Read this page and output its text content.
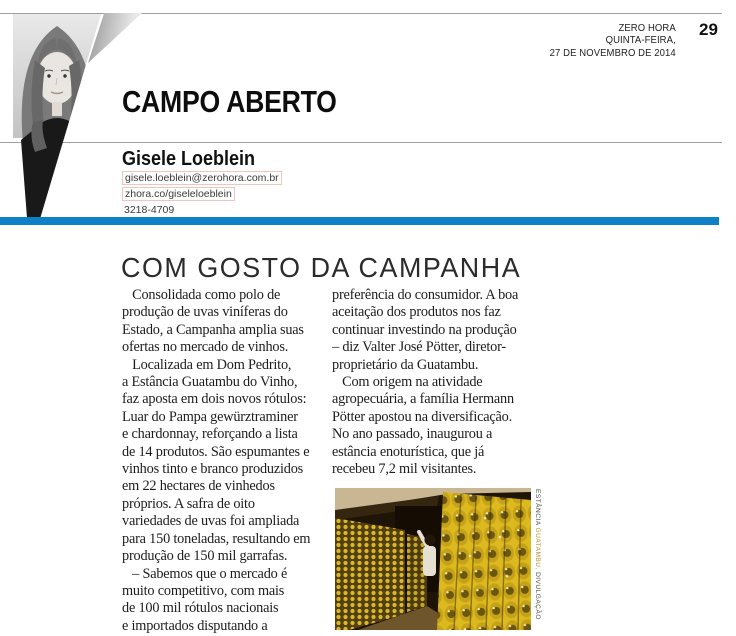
ZERO HORA
QUINTA-FEIRA,
27 DE NOVEMBRO DE 2014
29
CAMPO ABERTO
Gisele Loeblein
gisele.loeblein@zerohora.com.br
zhora.co/giseleloeblein
3218-4709
COM GOSTO DA CAMPANHA
Consolidada como polo de
produção de uvas viníferas do
Estado, a Campanha amplia suas
ofertas no mercado de vinhos.
Localizada em Dom Pedrito,
a Estância Guatambu do Vinho,
faz aposta em dois novos rótulos:
Luar do Pampa gewürztraminer
e chardonnay, reforçando a lista
de 14 produtos. São espumantes e
vinhos tinto e branco produzidos
em 22 hectares de vinhedos
próprios. A safra de oito
variedades de uvas foi ampliada
para 150 toneladas, resultando em
produção de 150 mil garrafas.
– Sabemos que o mercado é
muito competitivo, com mais
de 100 mil rótulos nacionais
e importados disputando a
preferência do consumidor. A boa
aceitação dos produtos nos faz
continuar investindo na produção
– diz Valter José Pötter, diretor-
proprietário da Guatambu.
Com origem na atividade
agropecuária, a família Hermann
Pötter apostou na diversificação.
No ano passado, inaugurou a
estância enoturística, que já
recebeu 7,2 mil visitantes.
ESTÂNCIA GUATAMBU, DIVULGAÇÃO
